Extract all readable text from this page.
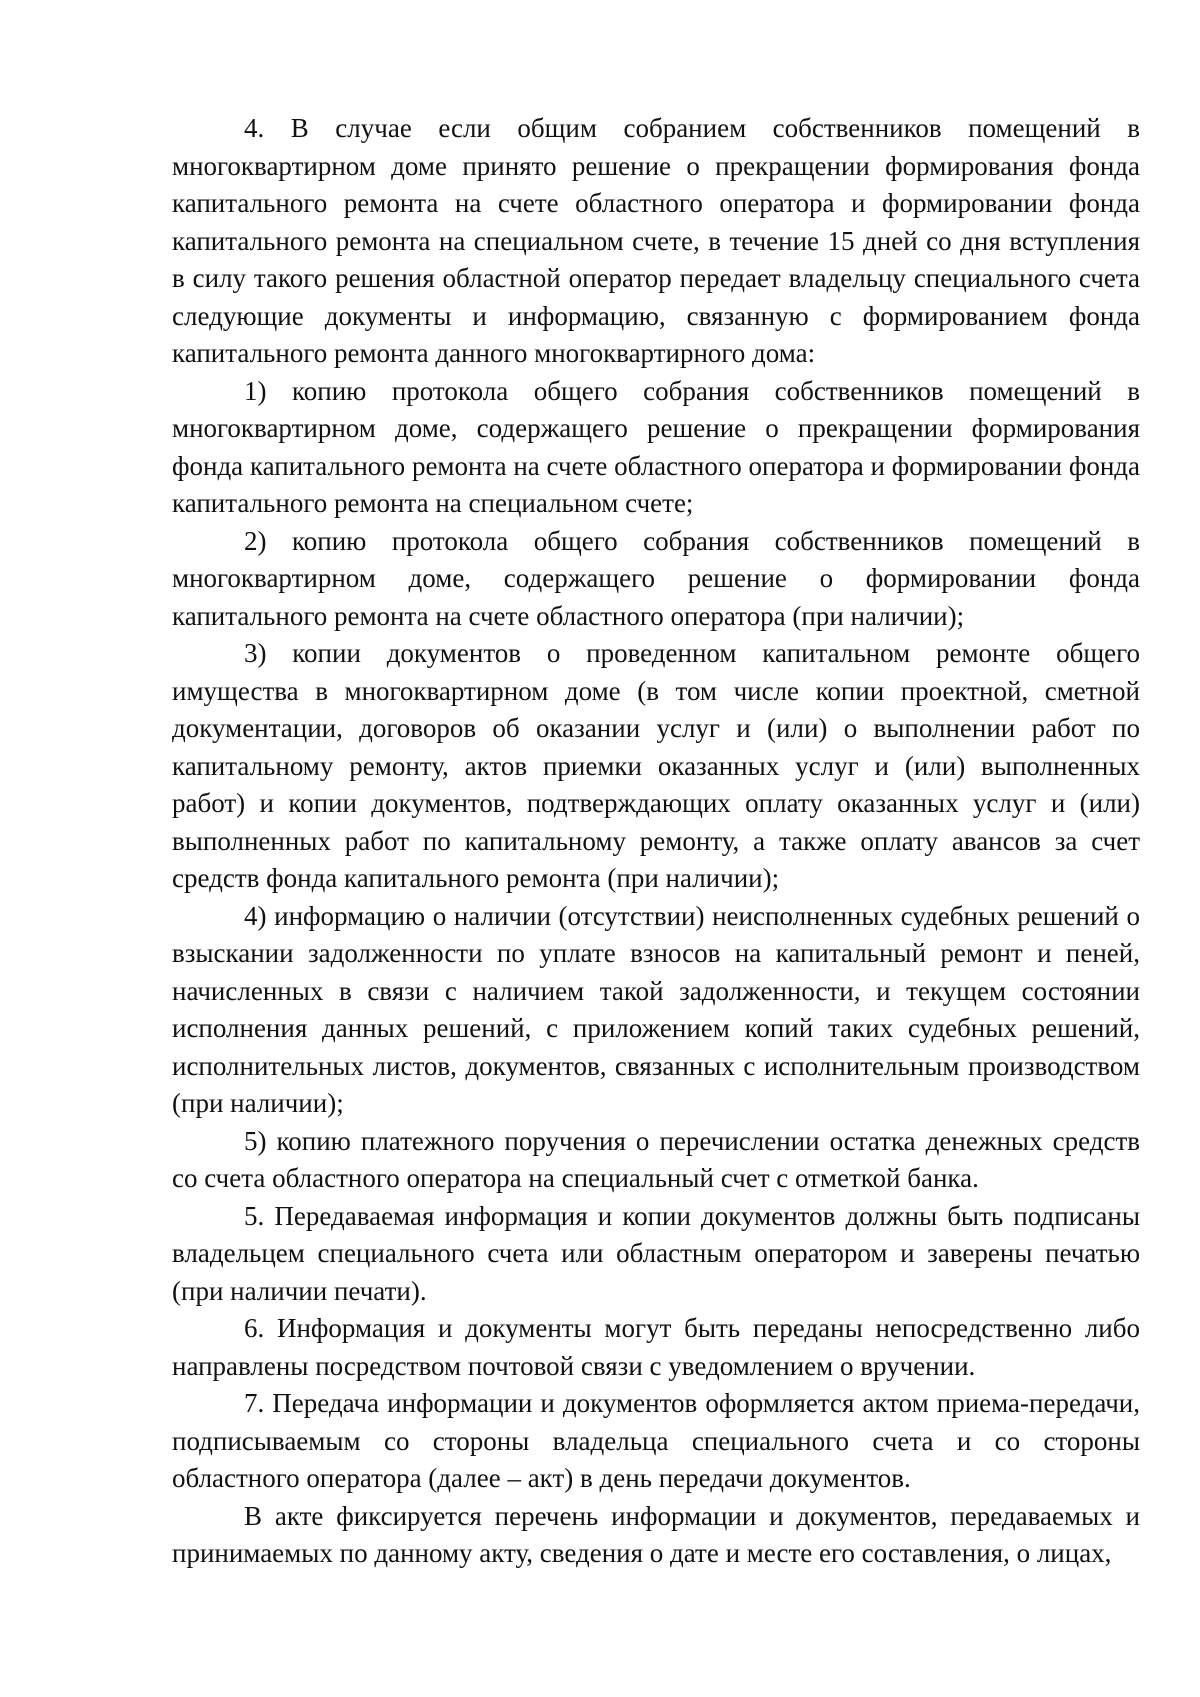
4. В случае если общим собранием собственников помещений в многоквартирном доме принято решение о прекращении формирования фонда капитального ремонта на счете областного оператора и формировании фонда капитального ремонта на специальном счете, в течение 15 дней со дня вступления в силу такого решения областной оператор передает владельцу специального счета следующие документы и информацию, связанную с формированием фонда капитального ремонта данного многоквартирного дома:

1) копию протокола общего собрания собственников помещений в многоквартирном доме, содержащего решение о прекращении формирования фонда капитального ремонта на счете областного оператора и формировании фонда капитального ремонта на специальном счете;

2) копию протокола общего собрания собственников помещений в многоквартирном доме, содержащего решение о формировании фонда капитального ремонта на счете областного оператора (при наличии);

3) копии документов о проведенном капитальном ремонте общего имущества в многоквартирном доме (в том числе копии проектной, сметной документации, договоров об оказании услуг и (или) о выполнении работ по капитальному ремонту, актов приемки оказанных услуг и (или) выполненных работ) и копии документов, подтверждающих оплату оказанных услуг и (или) выполненных работ по капитальному ремонту, а также оплату авансов за счет средств фонда капитального ремонта (при наличии);

4) информацию о наличии (отсутствии) неисполненных судебных решений о взыскании задолженности по уплате взносов на капитальный ремонт и пеней, начисленных в связи с наличием такой задолженности, и текущем состоянии исполнения данных решений, с приложением копий таких судебных решений, исполнительных листов, документов, связанных с исполнительным производством (при наличии);

5) копию платежного поручения о перечислении остатка денежных средств со счета областного оператора на специальный счет с отметкой банка.

5. Передаваемая информация и копии документов должны быть подписаны владельцем специального счета или областным оператором и заверены печатью (при наличии печати).

6. Информация и документы могут быть переданы непосредственно либо направлены посредством почтовой связи с уведомлением о вручении.

7. Передача информации и документов оформляется актом приема-передачи, подписываемым со стороны владельца специального счета и со стороны областного оператора (далее – акт) в день передачи документов.

В акте фиксируется перечень информации и документов, передаваемых и принимаемых по данному акту, сведения о дате и месте его составления, о лицах,
